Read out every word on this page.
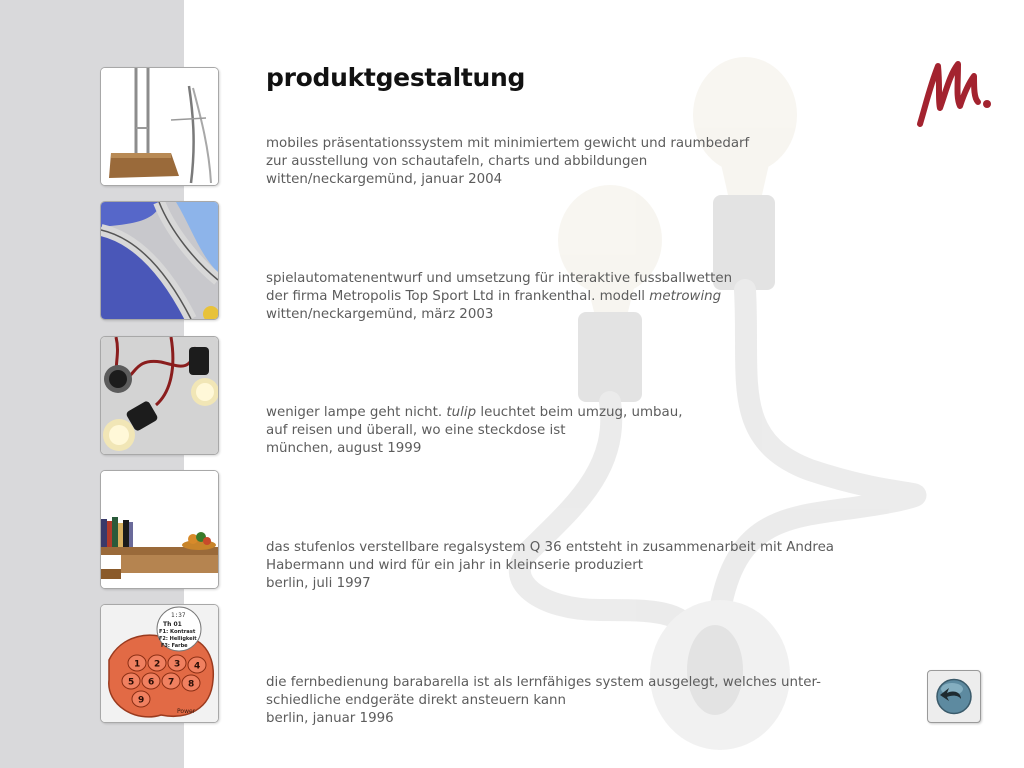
produktgestaltung
1:37
Th 01
F1: Kontrast
F2: Helligkeit
F3: Farbe
1 2 3 4
5 6 7 8
9
Power
mobiles präsentationssystem mit minimiertem gewicht und raumbedarf
zur ausstellung von schautafeln, charts und abbildungen
witten/neckargemünd, januar 2004
spielautomatenentwurf und umsetzung für interaktive fussballwetten
der firma Metropolis Top Sport Ltd in frankenthal. modell metrowing
witten/neckargemünd, märz 2003
weniger lampe geht nicht. tulip leuchtet beim umzug, umbau,
auf reisen und überall, wo eine steckdose ist
münchen, august 1999
das stufenlos verstellbare regalsystem Q 36 entsteht in zusammenarbeit mit Andrea
Habermann und wird für ein jahr in kleinserie produziert
berlin, juli 1997
die fernbedienung barabarella ist als lernfähiges system ausgelegt, welches unter-
schiedliche endgeräte direkt ansteuern kann
berlin, januar 1996
